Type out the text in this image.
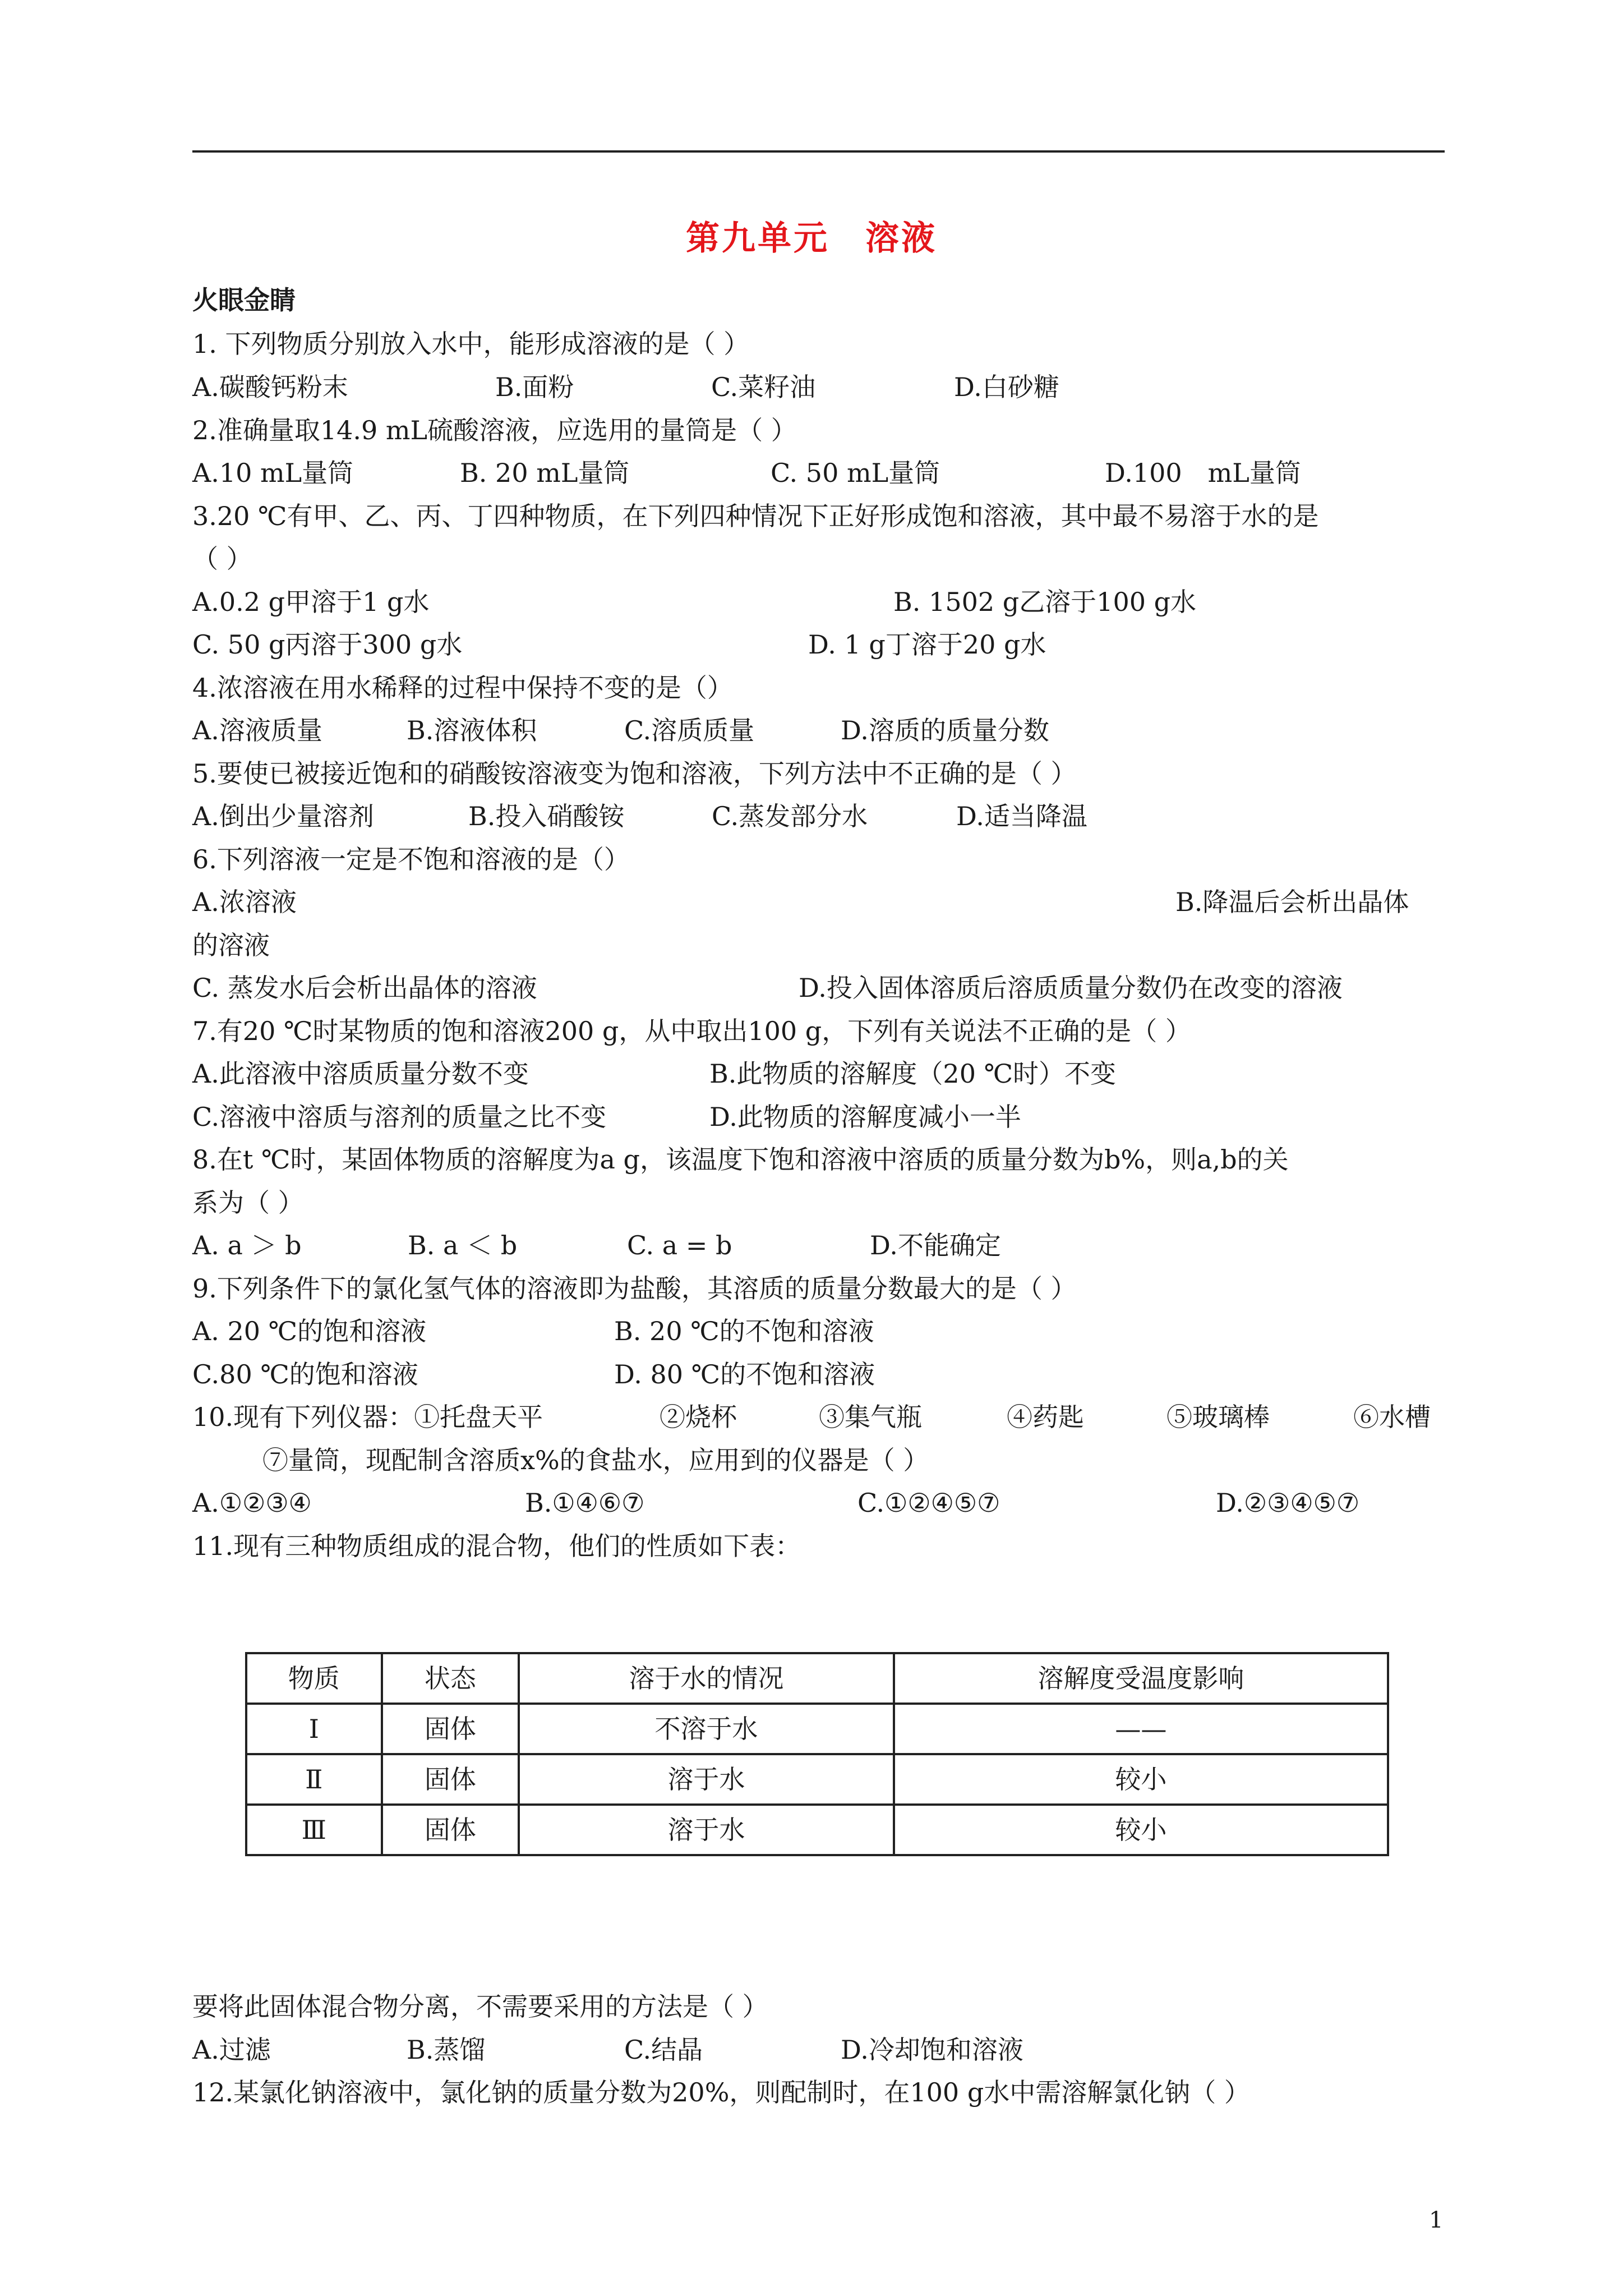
第九单元　溶液
火眼金睛
1. 下列物质分别放入水中，能形成溶液的是（ ）
A.碳酸钙粉末	B.面粉	C.菜籽油	D.白砂糖
2.准确量取14.9 mL硫酸溶液，应选用的量筒是（ ）
A.10 mL量筒	B. 20 mL量筒	C. 50 mL量筒	D.100　mL量筒
3.20 ℃有甲、乙、丙、丁四种物质，在下列四种情况下正好形成饱和溶液，其中最不易溶于水的是
（ ）
A.0.2 g甲溶于1 g水	B. 1502 g乙溶于100 g水
C. 50 g丙溶于300 g水	D. 1 g丁溶于20 g水
4.浓溶液在用水稀释的过程中保持不变的是（）
A.溶液质量	B.溶液体积	C.溶质质量	D.溶质的质量分数
5.要使已被接近饱和的硝酸铵溶液变为饱和溶液，下列方法中不正确的是（ ）
A.倒出少量溶剂	B.投入硝酸铵	C.蒸发部分水	D.适当降温
6.下列溶液一定是不饱和溶液的是（）
A.浓溶液	B.降温后会析出晶体
的溶液
C. 蒸发水后会析出晶体的溶液	D.投入固体溶质后溶质质量分数仍在改变的溶液
7.有20 ℃时某物质的饱和溶液200 g，从中取出100 g，下列有关说法不正确的是（ ）
A.此溶液中溶质质量分数不变	B.此物质的溶解度（20 ℃时）不变
C.溶液中溶质与溶剂的质量之比不变	D.此物质的溶解度减小一半
8.在t ℃时，某固体物质的溶解度为a g，该温度下饱和溶液中溶质的质量分数为b%，则a,b的关
系为（ ）
A. a ＞ b	B. a ＜ b	C. a = b	D.不能确定
9.下列条件下的氯化氢气体的溶液即为盐酸，其溶质的质量分数最大的是（ ）
A. 20 ℃的饱和溶液	B. 20 ℃的不饱和溶液
C.80 ℃的饱和溶液	D. 80 ℃的不饱和溶液
10.现有下列仪器：①托盘天平	②烧杯	③集气瓶	④药匙	⑤玻璃棒	⑥水槽
⑦量筒，现配制含溶质x%的食盐水，应用到的仪器是（ ）
A.①②③④	B.①④⑥⑦	C.①②④⑤⑦	D.②③④⑤⑦
11.现有三种物质组成的混合物，他们的性质如下表：
物质	状态	溶于水的情况	溶解度受温度影响
Ⅰ	固体	不溶于水	——
Ⅱ	固体	溶于水	较小
Ⅲ	固体	溶于水	较小
要将此固体混合物分离，不需要采用的方法是（ ）
A.过滤	B.蒸馏	C.结晶	D.冷却饱和溶液
12.某氯化钠溶液中，氯化钠的质量分数为20%，则配制时，在100 g水中需溶解氯化钠（ ）
1
